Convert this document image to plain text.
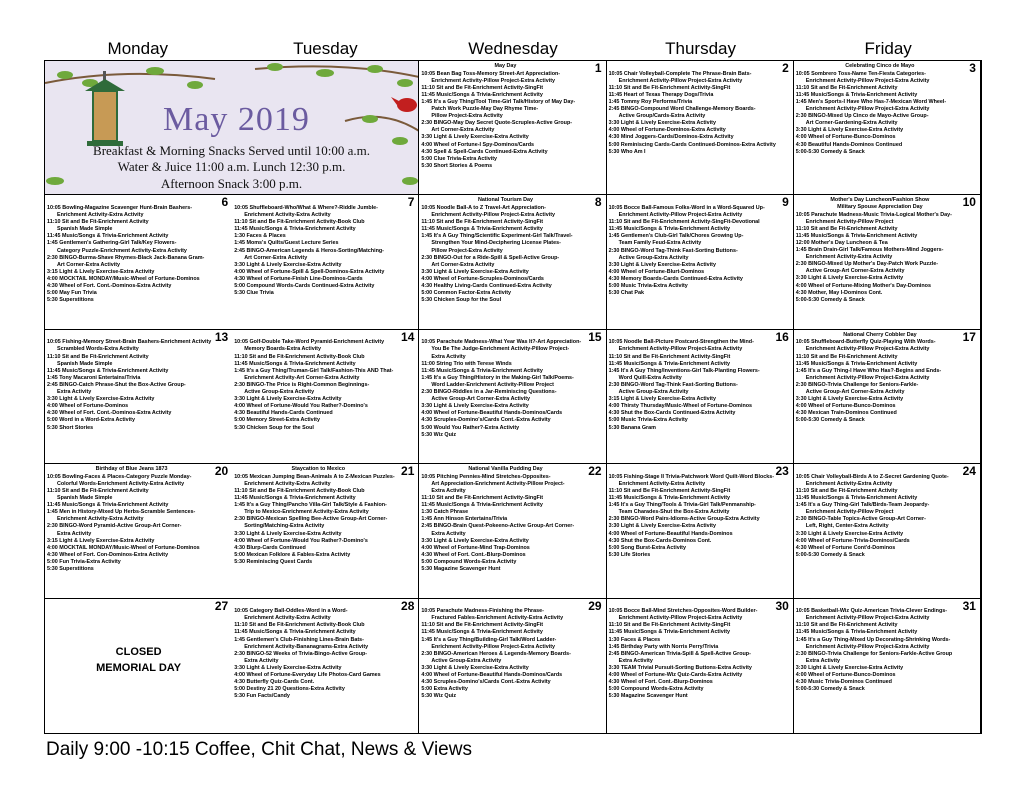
Monday	Tuesday	Wednesday	Thursday	Friday
May 2019
Breakfast & Morning Snacks Served until 10:00 a.m.
Water & Juice 11:00 a.m. Lunch 12:30 p.m.
Afternoon Snack 3:00 p.m.
1
May Day
10:05 Bean Bag Toss-Memory Street-Art Appreciation-
Enrichment Activity-Pillow Project-Extra Activity
11:10 Sit and Be Fit-Enrichment Activity-SingFit
11:45 Music/Songs & Trivia-Enrichment Activity
1:45 It's a Guy Thing/Tool Time-Girl Talk/History of May Day-
Patch Work Puzzle-May Day Rhyme Time-
Pillow Project-Extra Activity
2:30 BINGO-May Day Secret Quote-Scruples-Active Group-
Art Corner-Extra Activity
3:30 Light & Lively Exercise-Extra Activity
4:00 Wheel of Fortune-I Spy-Dominos/Cards
4:30 Spell & Spell-Cards Continued-Extra Activity
5:00 Clue Trivia-Extra Activity
5:30 Short Stories & Poems
2
10:05 Chair Volleyball-Complete The Phrase-Brain Bats-
Enrichment Activity-Pillow Project-Extra Activity
11:10 Sit and Be Fit-Enrichment Activity-SingFit
11:45 Heart of Texas Therapy Dogs/Trivia
1:45 Tommy Roy Performs/Trivia
2:45 BINGO-Compound Word Challenge-Memory Boards-
Active Group/Cards-Extra Activity
3:30 Light & Lively Exercise-Extra Activity
4:00 Wheel of Fortune-Dominos-Extra Activity
4:30 Mind Joggers-Cards/Dominos-Extra Activity
5:00 Reminiscing Cards-Cards Continued-Dominos-Extra Activity
5:30 Who Am I
3
Celebrating Cinco de Mayo
10:05 Sombrero Toss-Name Ten-Fiesta Categories-
Enrichment Activity-Pillow Project-Extra Activity
11:10 Sit and Be Fit-Enrichment Activity
11:45 Music/Songs & Trivia-Enrichment Activity
1:45 Men's Sports-I Have Who Has-7-Mexican Word Wheel-
Enrichment Activity-Pillow Project-Extra Activity
2:30 BINGO-Mixed Up Cinco de Mayo-Active Group-
Art Corner-Gardening-Extra Activity
3:30 Light & Lively Exercise-Extra Activity
4:00 Wheel of Fortune-Bunco-Dominos
4:30 Beautiful Hands-Dominos Continued
5:00-5:30 Comedy & Snack
6
10:05 Bowling-Magazine Scavenger Hunt-Brain Bashers-
Enrichment Activity-Extra Activity
11:10 Sit and Be Fit-Enrichment Activity
Spanish Made Simple
11:45 Music/Songs & Trivia-Enrichment Activity
1:45 Gentlemen's Gathering-Girl Talk/Key Flowers-
Category Puzzle-Enrichment Activity-Extra Activity
2:30 BINGO-Burma-Shave Rhymes-Black Jack-Banana Gram-
Art Corner-Extra Activity
3:15 Light & Lively Exercise-Extra Activity
4:00 MOCKTAIL MONDAY/Music-Wheel of Fortune-Dominos
4:30 Wheel of Fort. Cont.-Dominos-Extra Activity
5:00 May Fun Trivia
5:30 Superstitions
7
10:05 Shuffleboard-Who/What & Where?-Riddle Jumble-
Enrichment Activity-Extra Activity
11:10 Sit and Be Fit-Enrichment Activity-Book Club
11:45 Music/Songs & Trivia-Enrichment Activity
1:30 Faces & Places
1:45 Moms's Quilts/Guest Lecture Series
2:45 BINGO-American Legends & Heros-Sorting/Matching-
Art Corner-Extra Activity
3:30 Light & Lively Exercise-Extra Activity
4:00 Wheel of Fortune-Spill & Spell-Dominos-Extra Activity
4:30 Wheel of Fortune-Finish Line-Dominos-Cards
5:00 Compound Words-Cards Continued-Extra Activity
5:30 Clue Trivia
8
National Tourism Day
10:05 Noodle Ball-A to Z Travel-Art Appreciation-
Enrichment Activity-Pillow Project-Extra Activity
11:10 Sit and Be Fit-Enrichment Activity-SingFit
11:45 Music/Songs & Trivia-Enrichment Activity
1:45 It's A Guy Thing/Scientific Experiment-Girl Talk/Travel-
Strengthen Your Mind-Deciphering License Plates-
Pillow Project-Extra Activity
2:30 BINGO-Out for a Ride-Spill & Spell-Active Group-
Art Corner-Extra Activity
3:30 Light & Lively Exercise-Extra Activity
4:00 Wheel of Fortune-Scruples-Dominos/Cards
4:30 Healthy Living-Cards Continued-Extra Activity
5:00 Common Factor-Extra Activity
5:30 Chicken Soup for the Soul
9
10:05 Bocce Ball-Famous Folks-Word in a Word-Squared Up-
Enrichment Activity-Pillow Project-Extra Activity
11:10 Sit and Be Fit-Enrichment Activity-SingFit-Devotional
11:45 Music/Songs & Trivia-Enrichment Activity
1:45 Gentlemen's Club-Girl Talk/Chores Growing Up-
Team Family Feud-Extra Activity
2:30 BINGO-Word Tag-Think Fast-Sorting Buttons-
Active Group-Extra Activity
3:30 Light & Lively Exercise-Extra Activity
4:00 Wheel of Fortune-Blurt-Dominos
4:30 Memory Boards-Cards Continued-Extra Activity
5:00 Music Trivia-Extra Activity
5:30 Chat Pak
10
Mother's Day Luncheon/Fashion Show
Military Spouse Appreciation Day
10:05 Parachute Madness-Music Trivia-Logical Mother's Day-
Enrichment Activity-Pillow Project
11:10 Sit and Be Fit-Enrichment Activity
11:45 Music/Songs & Trivia-Enrichment Activity
12:00 Mother's Day Luncheon & Tea
1:45 Brain Drain-Girl Talk/Famous Mothers-Mind Joggers-
Enrichment Activity-Extra Activity
2:30 BINGO-Mixed Up Mother's Day-Patch Work Puzzle-
Active Group-Art Corner-Extra Activity
3:30 Light & Lively Exercise-Extra Activity
4:00 Wheel of Fortune-Mixing Mother's Day-Dominos
4:30 Mother, May I-Dominos Cont.
5:00-5:30 Comedy & Snack
13
10:05 Fishing-Memory Street-Brain Bashers-Enrichment Activity
Scrambled Words-Extra Activity
11:10 Sit and Be Fit-Enrichment Activity
Spanish Made Simple
11:45 Music/Songs & Trivia-Enrichment Activity
1:45 Tony Macaroni Entertains/Trivia
2:45 BINGO-Catch Phrase-Shut the Box-Active Group-
Extra Activity
3:30 Light & Lively Exercise-Extra Activity
4:00 Wheel of Fortune-Dominos
4:30 Wheel of Fort. Cont.-Dominos-Extra Activity
5:00 Word in a Word-Extra Activity
5:30 Short Stories
14
10:05 Golf-Double Take-Word Pyramid-Enrichment Activity
Memory Boards-Extra Activity
11:10 Sit and Be Fit-Enrichment Activity-Book Club
11:45 Music/Songs & Trivia-Enrichment Activity
1:45 It's a Guy Thing/Truman-Girl Talk/Fashion-This AND That-
Enrichment Activity-Art Corner-Extra Activity
2:30 BINGO-The Price is Right-Common Beginnings-
Active Group-Extra Activity
3:30 Light & Lively Exercise-Extra Activity
4:00 Wheel of Fortune-Would You Rather?-Domino's
4:30 Beautiful Hands-Cards Continued
5:00 Memory Street-Extra Activity
5:30 Chicken Soup for the Soul
15
10:05 Parachute Madness-What Year Was It?-Art Appreciation-
You Be The Judge-Enrichment Activity-Pillow Project-
Extra Activity
11:00 String Trio with Terese Winds
11:45 Music/Songs & Trivia-Enrichment Activity
1:45 It's a Guy Thing/History in the Making-Girl Talk/Poems-
Word Ladder-Enrichment Activity-Pillow Project
2:30 BINGO-Riddles in a Jar-Reminiscing Questions-
Active Group-Art Corner-Extra Activity
3:30 Light & Lively Exercise-Extra Activity
4:00 Wheel of Fortune-Beautiful Hands-Dominos/Cards
4:30 Scruples-Domino's/Cards Cont.-Extra Activity
5:00 Would You Rather?-Extra Activity
5:30 Wiz Quiz
16
10:05 Noodle Ball-Picture Postcard-Strengthen the Mind-
Enrichment Activity-Pillow Project-Extra Activity
11:10 Sit and Be Fit-Enrichment Activity-SingFit
11:45 Music/Songs & Trivia-Enrichment Activity
1:45 It's A Guy Thing/Inventions-Girl Talk-Planting Flowers-
Word Quill-Extra Activity
2:30 BINGO-Word Tag-Think Fast-Sorting Buttons-
Active Group-Extra Activity
3:15 Light & Lively Exercise-Extra Activity
4:00 Thirsty Thursday/Music-Wheel of Fortune-Dominos
4:30 Shut the Box-Cards Continued-Extra Activity
5:00 Music Trivia-Extra Activity
5:30 Banana Gram
17
National Cherry Cobbler Day
10:05 Shuffleboard-Butterfly Quiz-Playing With Words-
Enrichment Activity-Pillow Project-Extra Activity
11:10 Sit and Be Fit-Enrichment Activity
11:45 Music/Songs & Trivia-Enrichment Activity
1:45 It's a Guy Thing-I Have Who Has?-Begins and Ends-
Enrichment Activity-Pillow Project-Extra Activity
2:30 BINGO-Trivia Challenge for Seniors-Farkle-
Active Group-Art Corner-Extra Activity
3:30 Light & Lively Exercise-Extra Activity
4:00 Wheel of Fortune-Bunco-Dominos
4:30 Mexican Train-Dominos Continued
5:00-5:30 Comedy & Snack
20
Birthday of Blue Jeans 1873
10:05 Bowling-Faces & Places-Category Puzzle Monday-
Colorful Words-Enrichment Activity-Extra Activity
11:10 Sit and Be Fit-Enrichment Activity
Spanish Made Simple
11:45 Music/Songs & Trivia-Enrichment Activity
1:45 Men in History-Mixed Up Herbs-Scramble Sentences-
Enrichment Activity-Extra Activity
2:30 BINGO-Word Pyramid-Active Group-Art Corner-
Extra Activity
3:15 Light & Lively Exercise-Extra Activity
4:00 MOCKTAIL MONDAY/Music-Wheel of Fortune-Dominos
4:30 Wheel of Fort. Con-Dominos-Extra Activity
5:00 Fun Trivia-Extra Activity
5:30 Superstitions
21
Staycation to Mexico
10:05 Mexican Jumping Bean-Animals A to Z-Mexican Puzzles-
Enrichment Activity-Extra Activity
11:10 Sit and Be Fit-Enrichment Activity-Book Club
11:45 Music/Songs & Trivia-Enrichment Activity
1:45 It's a Guy Thing/Pancho Villa-Girl Talk/Style & Fashion-
Trip to Mexico-Enrichment Activity-Extra Activity
2:30 BINGO-Mexican Spelling Bee-Active Group-Art Corner-
Sorting/Matching-Extra Activity
3:30 Light & Lively Exercise-Extra Activity
4:00 Wheel of Fortune-Would You Rather?-Domino's
4:30 Blurp-Cards Continued
5:00 Mexican Folklore & Fables-Extra Activity
5:30 Reminiscing Quest Cards
22
National Vanilla Pudding Day
10:05 Pitching Pennies-Mind Stretches-Opposites-
Art Appreciation-Enrichment Activity-Pillow Project-
Extra Activity
11:10 Sit and Be Fit-Enrichment Activity-SingFit
11:45 Music/Songs & Trivia-Enrichment Activity
1:30 Catch Phrase
1:45 Ann Hinson Entertains/Trivia
2:45 BINGO-Brain Quest-Pokeeno-Active Group-Art Corner-
Extra Activity
3:30 Light & Lively Exercise-Extra Activity
4:00 Wheel of Fortune-Mind Trap-Dominos
4:30 Wheel of Fort. Cont.-Blurp-Dominos
5:00 Compound Words-Extra Activity
5:30 Magazine Scavenger Hunt
23
10:05 Fishing-Stage II Trivia-Patchwork Word Quilt-Word Blocks-
Enrichment Activity-Extra Activity
11:10 Sit and Be Fit-Enrichment Activity-SingFit
11:45 Music/Songs & Trivia-Enrichment Activity
1:45 It's a Guy Thing/Tools & Trivia-Girl Talk/Penmanship-
Team Charades-Shut the Box-Extra Activity
2:30 BINGO-Word Pairs-Idioms-Active Group-Extra Activity
3:30 Light & Lively Exercise-Extra Activity
4:00 Wheel of Fortune-Beautiful Hands-Dominos
4:30 Shut the Box-Cards-Dominos Cont.
5:00 Song Burst-Extra Activity
5:30 Life Stories
24
10:05 Chair Volleyball-Birds A to Z-Secret Gardening Quote-
Enrichment Activity-Extra Activity
11:10 Sit and Be Fit-Enrichment Activity
11:45 Music/Songs & Trivia-Enrichment Activity
1:45 It's a Guy Thing-Girl Talk/Birds-Team Jeopardy-
Enrichment Activity-Pillow Project
2:30 BINGO-Table Topics-Active Group-Art Corner-
Left, Right, Center-Extra Activity
3:30 Light & Lively Exercise-Extra Activity
4:00 Wheel of Fortune-Trivia-Dominos/Cards
4:30 Wheel of Fortune Cont'd-Dominos
5:00-5:30 Comedy & Snack
27
CLOSED
MEMORIAL DAY
28
10:05 Category Ball-Oddles-Word in a Word-
Enrichment Activity-Extra Activity
11:10 Sit and Be Fit-Enrichment Activity-Book Club
11:45 Music/Songs & Trivia-Enrichment Activity
1:45 Gentlemen's Club-Finishing Lines-Brain Bats-
Enrichment Activity-Bananagrams-Extra Activity
2:30 BINGO-52 Weeks of Trivia-Bingo-Active Group-
Extra Activity
3:30 Light & Lively Exercise-Extra Activity
4:00 Wheel of Fortune-Everyday Life Photos-Card Games
4:30 Butterfly Quiz-Cards Cont.
5:00 Destiny 21 20 Questions-Extra Activity
5:30 Fun Facts/Candy
29
10:05 Parachute Madness-Finishing the Phrase-
Fractured Fables-Enrichment Activity-Extra Activity
11:10 Sit and Be Fit-Enrichment Activity-SingFit
11:45 Music/Songs & Trivia-Enrichment Activity
1:45 It's a Guy Thing/Building-Girl Talk/Word Ladder-
Enrichment Activity-Pillow Project-Extra Activity
2:30 BINGO-American Heroes & Legends-Memory Boards-
Active Group-Extra Activity
3:30 Light & Lively Exercise-Extra Activity
4:00 Wheel of Fortune-Beautiful Hands-Dominos/Cards
4:30 Scruples-Domino's/Cards Cont.-Extra Activity
5:00 Extra Activity
5:30 Wiz Quiz
30
10:05 Bocce Ball-Mind Stretches-Opposites-Word Builder-
Enrichment Activity-Pillow Project-Extra Activity
11:10 Sit and Be Fit-Enrichment Activity-SingFit
11:45 Music/Songs & Trivia-Enrichment Activity
1:30 Faces & Places
1:45 Birthday Party with Norris Perry/Trivia
2:45 BINGO-American Trivia-Spill & Spell-Active Group-
Extra Activity
3:30 TEAM Trivial Pursuit-Sorting Buttons-Extra Activity
4:00 Wheel of Fortune-Wiz Quiz-Cards-Extra Activity
4:30 Wheel of Fort. Cont.-Blurp-Dominos
5:00 Compound Words-Extra Activity
5:30 Magazine Scavenger Hunt
31
10:05 Basketball-Wiz Quiz-American Trivia-Clever Endings-
Enrichment Activity-Pillow Project-Extra Activity
11:10 Sit and Be Fit-Enrichment Activity
11:45 Music/Songs & Trivia-Enrichment Activity
1:45 It's a Guy Thing-Mixed Up Decorating-Shrinking Words-
Enrichment Activity-Pillow Project-Extra Activity
2:30 BINGO-Trivia Challenge for Seniors-Farkle-Active Group
Extra Activity
3:30 Light & Lively Exercise-Extra Activity
4:00 Wheel of Fortune-Bunco-Dominos
4:30 Music Trivia-Dominos Continued
5:00-5:30 Comedy & Snack
Daily 9:00 -10:15 Coffee, Chit Chat, News & Views
